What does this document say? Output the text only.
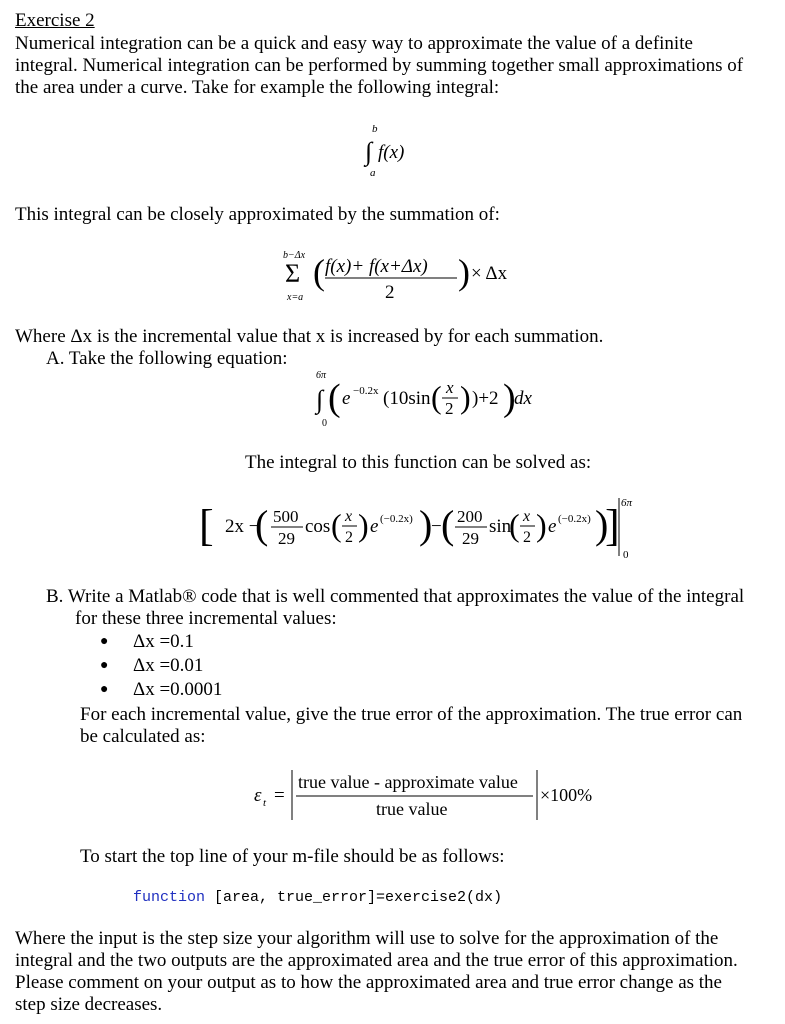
Exercise 2
Numerical integration can be a quick and easy way to approximate the value of a definite
integral. Numerical integration can be performed by summing together small approximations of
the area under a curve. Take for example the following integral:
b
∫ f(x)
a
This integral can be closely approximated by the summation of:
b−Δx
Σ
x=a
( f(x)+ f(x+Δx)
2
) × Δx
Where Δx is the incremental value that x is increased by for each summation.
A. Take the following equation:
6π
∫
0
( e −0.2x (10sin ( x
2 ) )+2 )
dx
The integral to this function can be solved as:
[ 2x −
( 500
29
cos ( x
2 ) e (−0.2x) )
− ( 200
29
sin
( x
2 ) e (−0.2x) )
] 6π
0
B. Write a Matlab® code that is well commented that approximates the value of the integral
for these three incremental values:
● Δx =0.1
● Δx =0.01
● Δx =0.0001
For each incremental value, give the true error of the approximation. The true error can
be calculated as:
ε t =
true value - approximate value
true value
×100%
To start the top line of your m-file should be as follows:
function [area, true_error]=exercise2(dx)
Where the input is the step size your algorithm will use to solve for the approximation of the
integral and the two outputs are the approximated area and the true error of this approximation.
Please comment on your output as to how the approximated area and true error change as the
step size decreases.
